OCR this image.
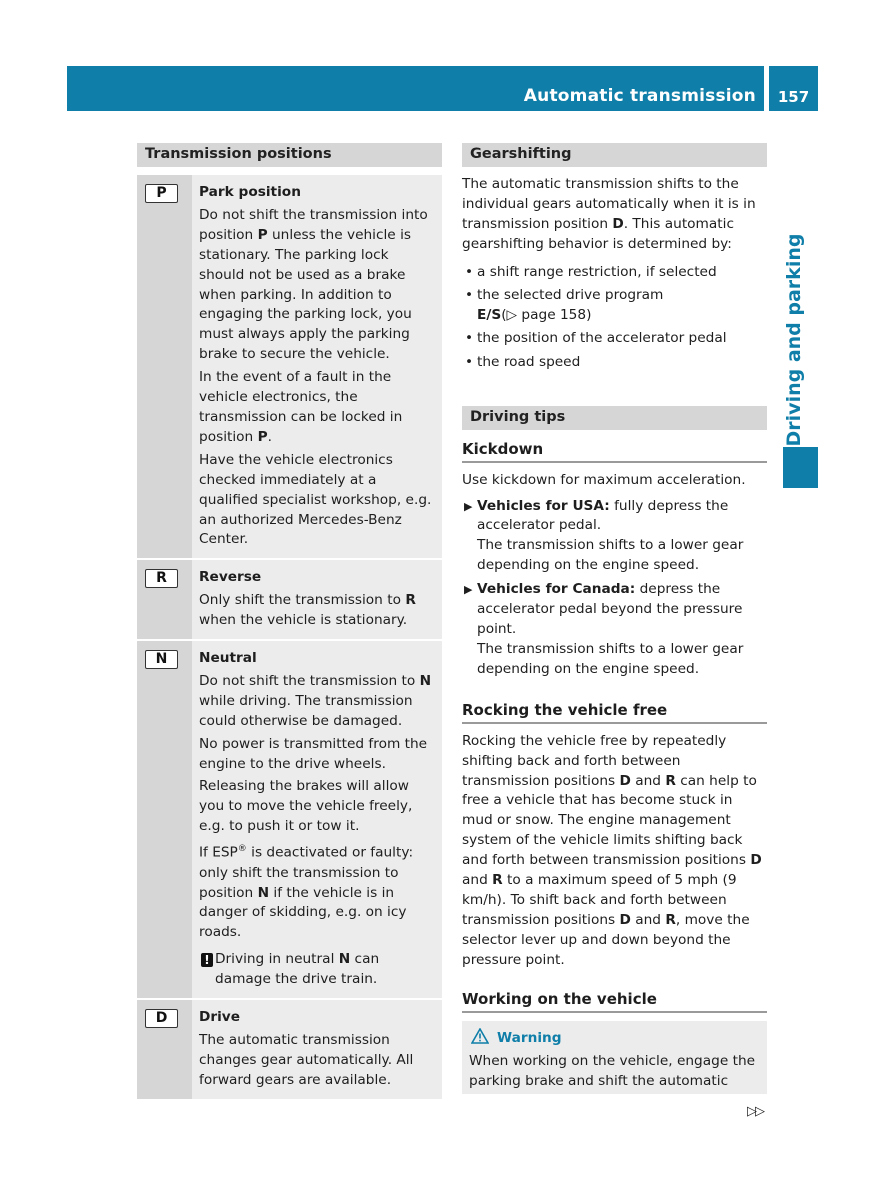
Automatic transmission	157
Driving and parking
Transmission positions
P	Park position

Do not shift the transmission into position P unless the vehicle is stationary. The parking lock should not be used as a brake when parking. In addition to engaging the parking lock, you must always apply the parking brake to secure the vehicle.

In the event of a fault in the vehicle electronics, the transmission can be locked in position P.

Have the vehicle electronics checked immediately at a qualified specialist workshop, e.g. an authorized Mercedes-Benz Center.

R	Reverse

Only shift the transmission to R when the vehicle is stationary.

N	Neutral

Do not shift the transmission to N while driving. The transmission could otherwise be damaged.

No power is transmitted from the engine to the drive wheels.

Releasing the brakes will allow you to move the vehicle freely, e.g. to push it or tow it.

If ESP® is deactivated or faulty: only shift the transmission to position N if the vehicle is in danger of skidding, e.g. on icy roads.

! Driving in neutral N can damage the drive train.
D	Drive

The automatic transmission changes gear automatically. All forward gears are available.

Gearshifting

The automatic transmission shifts to the individual gears automatically when it is in transmission position D. This automatic gearshifting behavior is determined by:

• a shift range restriction, if selected
• the selected drive program
E/S(▷ page 158)
• the position of the accelerator pedal
• the road speed
Driving tips
Kickdown

Use kickdown for maximum acceleration.

▶ Vehicles for USA: fully depress the accelerator pedal.
The transmission shifts to a lower gear depending on the engine speed.
▶ Vehicles for Canada: depress the accelerator pedal beyond the pressure point.
The transmission shifts to a lower gear depending on the engine speed.
Rocking the vehicle free

Rocking the vehicle free by repeatedly shifting back and forth between transmission positions D and R can help to free a vehicle that has become stuck in mud or snow. The engine management system of the vehicle limits shifting back and forth between transmission positions D and R to a maximum speed of 5 mph (9 km/h). To shift back and forth between transmission positions D and R, move the selector lever up and down beyond the pressure point.

Working on the vehicle
Warning

When working on the vehicle, engage the parking brake and shift the automatic

▷▷
